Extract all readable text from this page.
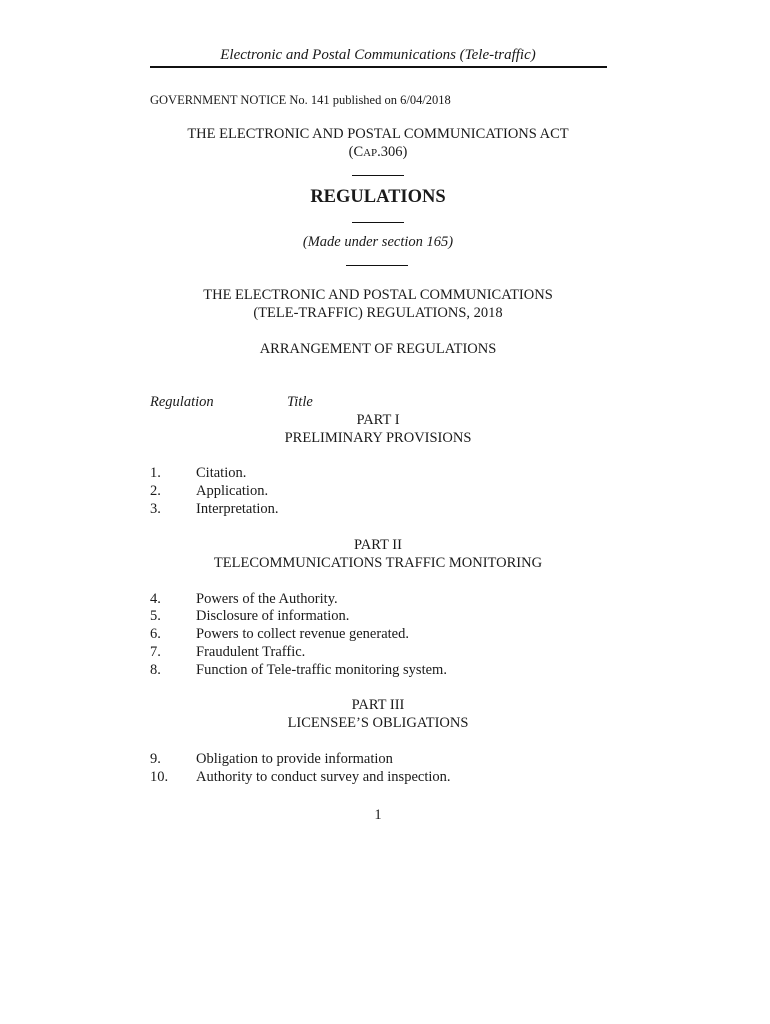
Electronic and Postal Communications (Tele-traffic)
GOVERNMENT NOTICE No. 141 published on 6/04/2018
THE ELECTRONIC AND POSTAL COMMUNICATIONS ACT
(CAP.306)
REGULATIONS
(Made under section 165)
THE ELECTRONIC AND POSTAL COMMUNICATIONS
(TELE-TRAFFIC) REGULATIONS, 2018
ARRANGEMENT OF REGULATIONS
Regulation	Title
PART I
PRELIMINARY PROVISIONS
1. Citation.
2. Application.
3. Interpretation.
PART II
TELECOMMUNICATIONS TRAFFIC MONITORING
4. Powers of the Authority.
5. Disclosure of information.
6. Powers to collect revenue generated.
7. Fraudulent Traffic.
8. Function of Tele-traffic monitoring system.
PART III
LICENSEE’S OBLIGATIONS
9. Obligation to provide information
10. Authority to conduct survey and inspection.
1
